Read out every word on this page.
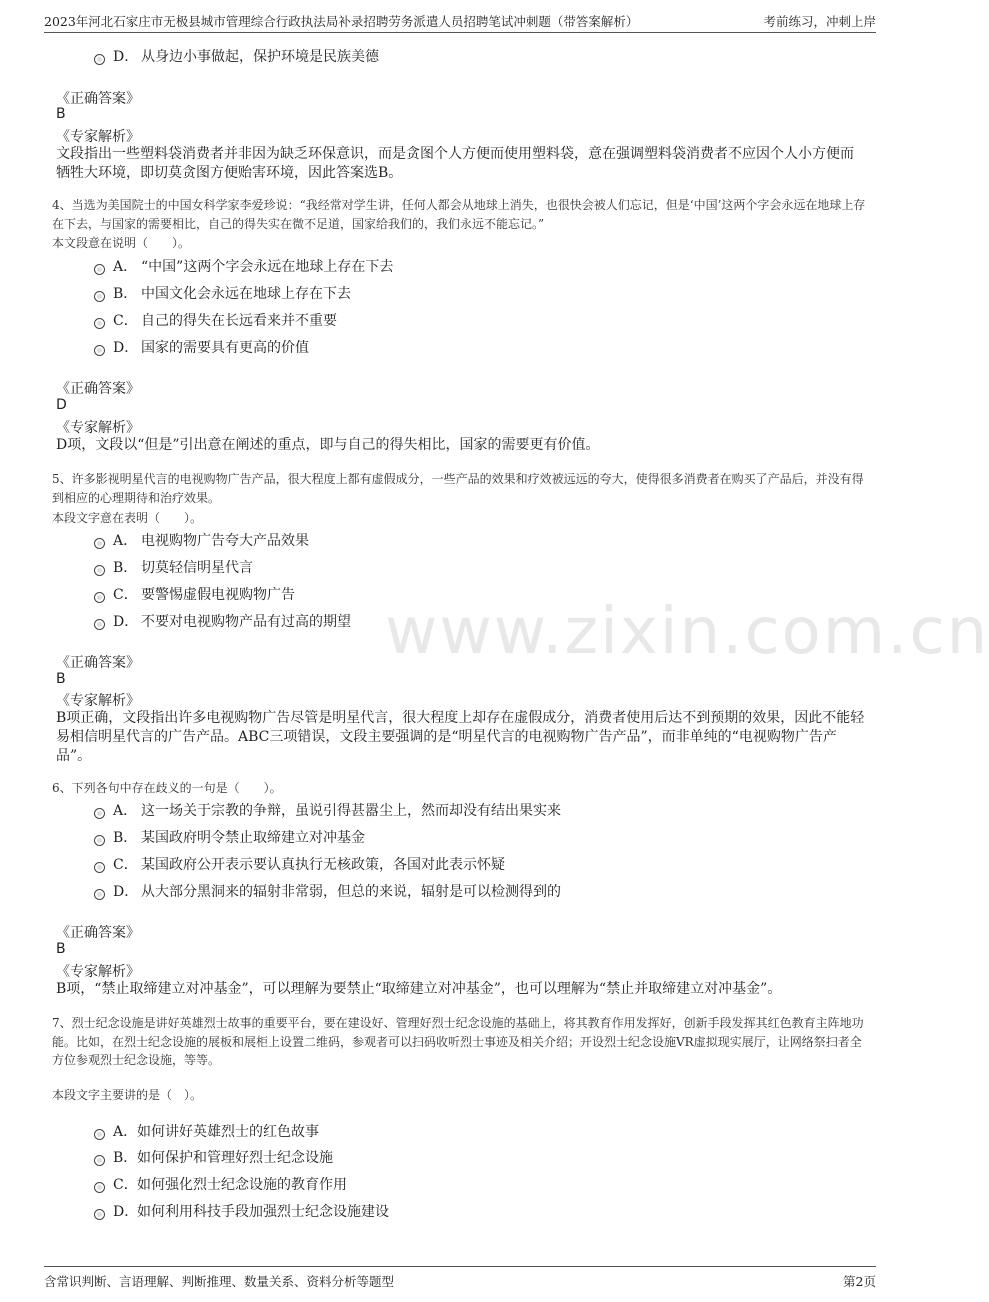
2023年河北石家庄市无极县城市管理综合行政执法局补录招聘劳务派遣人员招聘笔试冲刺题（带答案解析）	考前练习，冲刺上岸
www.zixin.com.cn
D． 从身边小事做起，保护环境是民族美德
《正确答案》
B
《专家解析》
文段指出一些塑料袋消费者并非因为缺乏环保意识，而是贪图个人方便而使用塑料袋，意在强调塑料袋消费者不应因个人小方便而牺牲大环境，即切莫贪图方便贻害环境，因此答案选B。
4、当选为美国院士的中国女科学家李爱珍说：“我经常对学生讲，任何人都会从地球上消失，也很快会被人们忘记，但是‘中国’这两个字会永远在地球上存在下去，与国家的需要相比，自己的得失实在微不足道，国家给我们的，我们永远不能忘记。”
本文段意在说明（　　）。
A． “中国”这两个字会永远在地球上存在下去
B． 中国文化会永远在地球上存在下去
C． 自己的得失在长远看来并不重要
D． 国家的需要具有更高的价值
《正确答案》
D
《专家解析》
D项，文段以“但是”引出意在阐述的重点，即与自己的得失相比，国家的需要更有价值。
5、许多影视明星代言的电视购物广告产品，很大程度上都有虚假成分，一些产品的效果和疗效被远远的夸大，使得很多消费者在购买了产品后，并没有得到相应的心理期待和治疗效果。
本段文字意在表明（　　）。
A． 电视购物广告夸大产品效果
B． 切莫轻信明星代言
C． 要警惕虚假电视购物广告
D． 不要对电视购物产品有过高的期望
《正确答案》
B
《专家解析》
B项正确，文段指出许多电视购物广告尽管是明星代言，很大程度上却存在虚假成分，消费者使用后达不到预期的效果，因此不能轻易相信明星代言的广告产品。ABC三项错误，文段主要强调的是“明星代言的电视购物广告产品”，而非单纯的“电视购物广告产品”。
6、下列各句中存在歧义的一句是（　　）。
A． 这一场关于宗教的争辩，虽说引得甚嚣尘上，然而却没有结出果实来
B． 某国政府明令禁止取缔建立对冲基金
C． 某国政府公开表示要认真执行无核政策，各国对此表示怀疑
D． 从大部分黑洞来的辐射非常弱，但总的来说，辐射是可以检测得到的
《正确答案》
B
《专家解析》
B项，“禁止取缔建立对冲基金”，可以理解为要禁止“取缔建立对冲基金”，也可以理解为“禁止并取缔建立对冲基金”。
7、烈士纪念设施是讲好英雄烈士故事的重要平台，要在建设好、管理好烈士纪念设施的基础上，将其教育作用发挥好，创新手段发挥其红色教育主阵地功能。比如，在烈士纪念设施的展板和展柜上设置二维码，参观者可以扫码收听烈士事迹及相关介绍；开设烈士纪念设施VR虚拟现实展厅，让网络祭扫者全方位参观烈士纪念设施，等等。
本段文字主要讲的是（　）。
A．如何讲好英雄烈士的红色故事
B．如何保护和管理好烈士纪念设施
C．如何强化烈士纪念设施的教育作用
D．如何利用科技手段加强烈士纪念设施建设
含常识判断、言语理解、判断推理、数量关系、资料分析等题型	第2页
